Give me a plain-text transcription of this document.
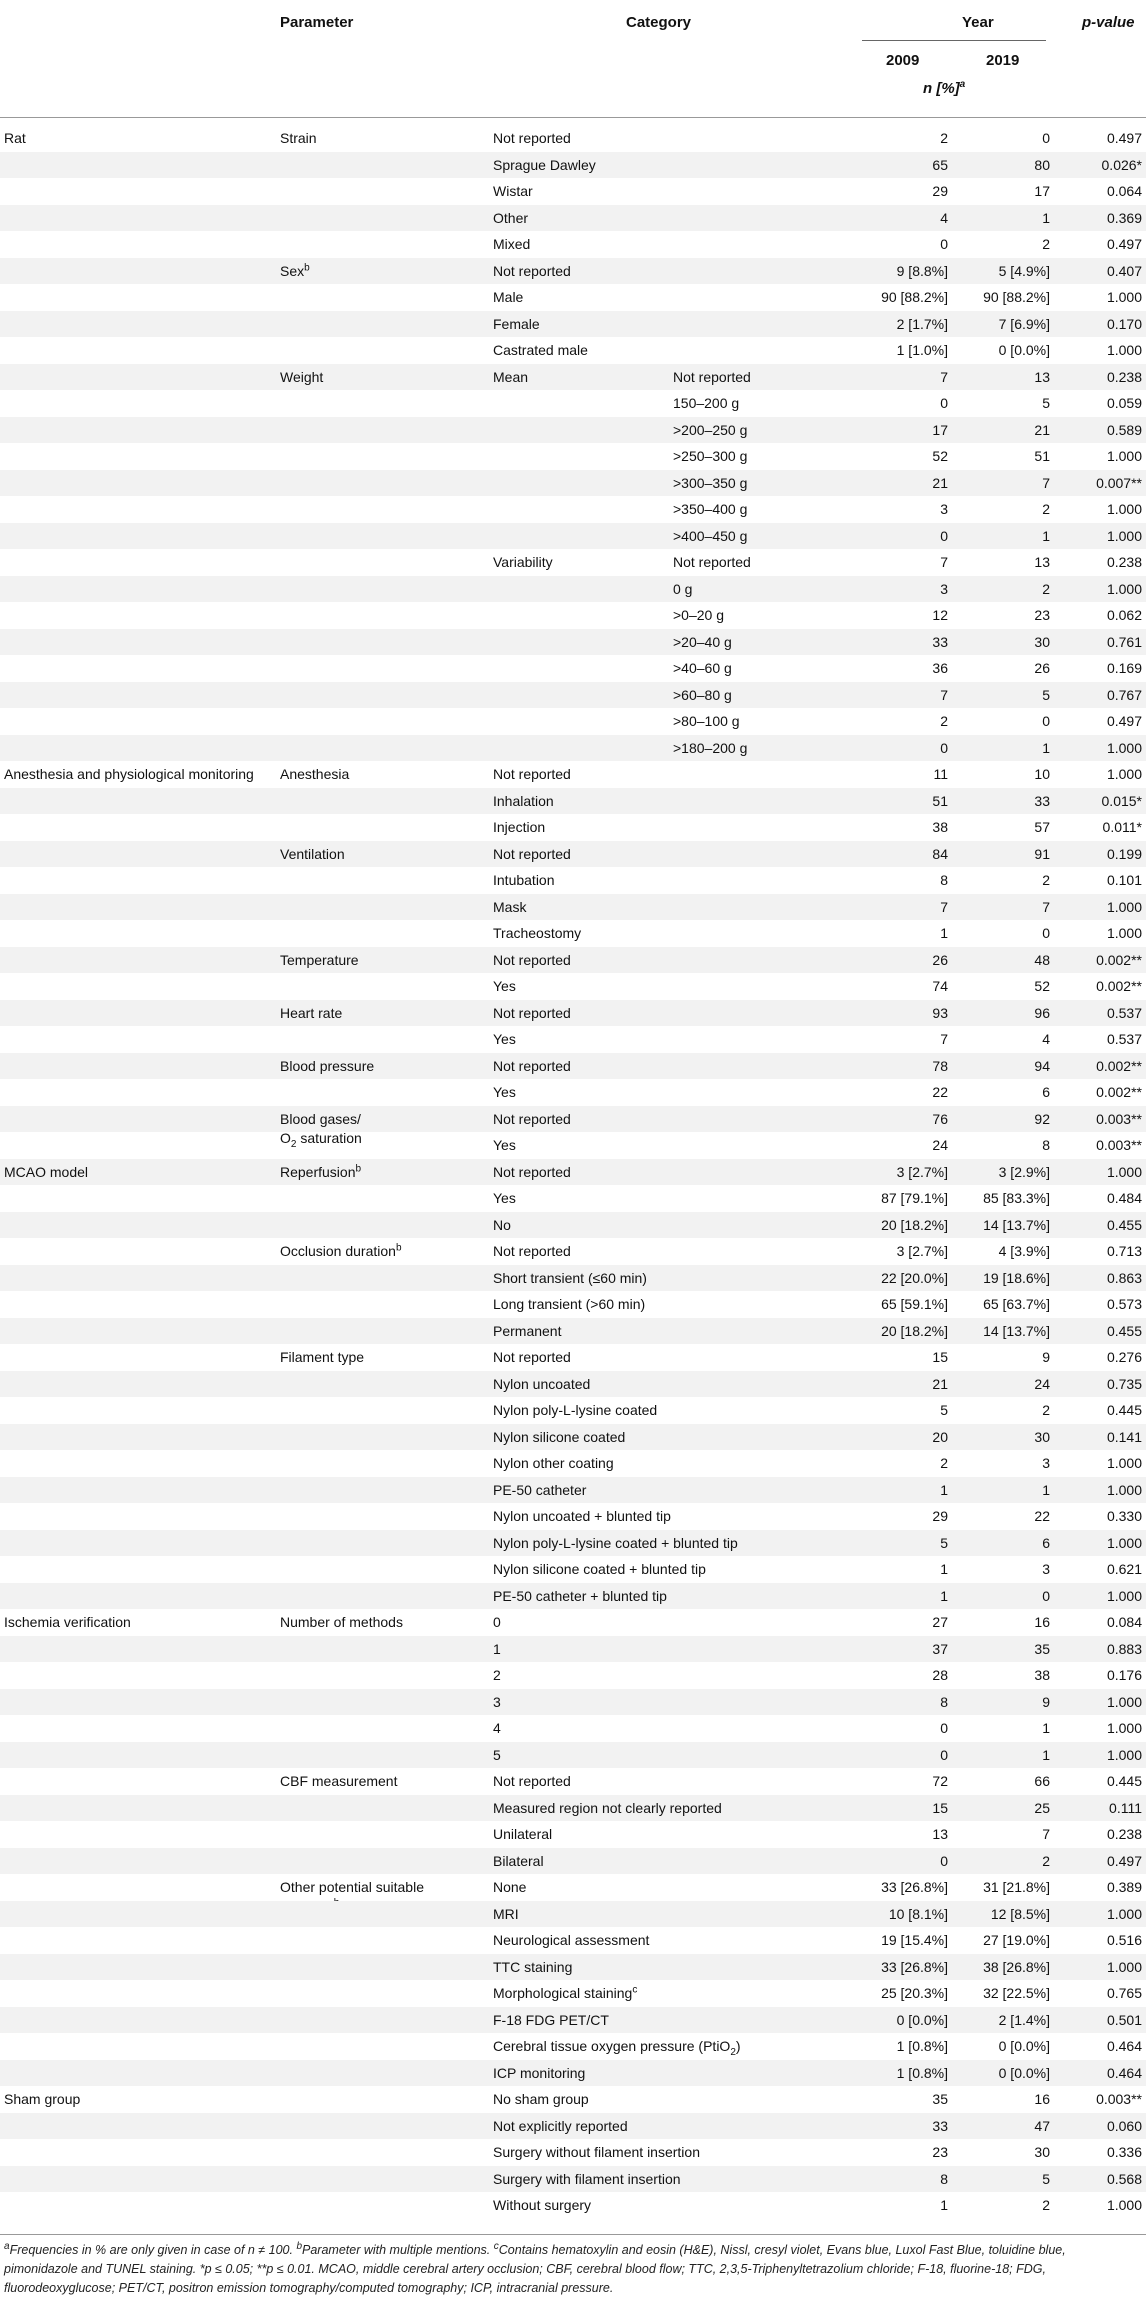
Parameter	Category	Year	p-value
2009	2019
n [%]$^a$
Rat	Strain	Not reported	2	0	0.497
Sprague Dawley	65	80	0.026*
Wistar	29	17	0.064
Other	4	1	0.369
Mixed	0	2	0.497
Sex$^b$	Not reported	9 [8.8%]	5 [4.9%]	0.407
Male	90 [88.2%]	90 [88.2%]	1.000
Female	2 [1.7%]	7 [6.9%]	0.170
Castrated male	1 [1.0%]	0 [0.0%]	1.000
Weight	Mean	Not reported	7	13	0.238
150–200 g	0	5	0.059
>200–250 g	17	21	0.589
>250–300 g	52	51	1.000
>300–350 g	21	7	0.007**
>350–400 g	3	2	1.000
>400–450 g	0	1	1.000
Variability	Not reported	7	13	0.238
0 g	3	2	1.000
>0–20 g	12	23	0.062
>20–40 g	33	30	0.761
>40–60 g	36	26	0.169
>60–80 g	7	5	0.767
>80–100 g	2	0	0.497
>180–200 g	0	1	1.000
Anesthesia and physiological monitoring	Anesthesia	Not reported	11	10	1.000
Inhalation	51	33	0.015*
Injection	38	57	0.011*
Ventilation	Not reported	84	91	0.199
Intubation	8	2	0.101
Mask	7	7	1.000
Tracheostomy	1	0	1.000
Temperature	Not reported	26	48	0.002**
Yes	74	52	0.002**
Heart rate	Not reported	93	96	0.537
Yes	7	4	0.537
Blood pressure	Not reported	78	94	0.002**
Yes	22	6	0.002**
Blood gases/
$O_2$ saturation
Not reported	76	92	0.003**
Yes	24	8	0.003**
MCAO model	Reperfusion$^b$	Not reported	3 [2.7%]	3 [2.9%]	1.000
Yes	87 [79.1%]	85 [83.3%]	0.484
No	20 [18.2%]	14 [13.7%]	0.455
Occlusion duration$^b$	Not reported	3 [2.7%]	4 [3.9%]	0.713
Short transient (≤60 min)	22 [20.0%]	19 [18.6%]	0.863
Long transient (>60 min)	65 [59.1%]	65 [63.7%]	0.573
Permanent	20 [18.2%]	14 [13.7%]	0.455
Filament type	Not reported	15	9	0.276
Nylon uncoated	21	24	0.735
Nylon poly-L-lysine coated	5	2	0.445
Nylon silicone coated	20	30	0.141
Nylon other coating	2	3	1.000
PE-50 catheter	1	1	1.000
Nylon uncoated + blunted tip	29	22	0.330
Nylon poly-L-lysine coated + blunted tip	5	6	1.000
Nylon silicone coated + blunted tip	1	3	0.621
PE-50 catheter + blunted tip	1	0	1.000
Ischemia verification	Number of methods	0	27	16	0.084
1	37	35	0.883
2	28	38	0.176
3	8	9	1.000
4	0	1	1.000
5	0	1	1.000
CBF measurement	Not reported	72	66	0.445
Measured region not clearly reported	15	25	0.111
Unilateral	13	7	0.238
Bilateral	0	2	0.497
Other potential suitable	None	33 [26.8%]	31 [21.8%]	0.389
MRI	10 [8.1%]	12 [8.5%]	1.000
Neurological assessment	19 [15.4%]	27 [19.0%]	0.516
TTC staining	33 [26.8%]	38 [26.8%]	1.000
Morphological staining$^c$	25 [20.3%]	32 [22.5%]	0.765
F-18 FDG PET/CT	0 [0.0%]	2 [1.4%]	0.501
Cerebral tissue oxygen pressure (PtiO$_2$)	1 [0.8%]	0 [0.0%]	0.464
ICP monitoring	1 [0.8%]	0 [0.0%]	0.464
Sham group	No sham group	35	16	0.003**
Not explicitly reported	33	47	0.060
Surgery without filament insertion	23	30	0.336
Surgery with filament insertion	8	5	0.568
Without surgery	1	2	1.000
$^a$Frequencies in % are only given in case of n ≠ 100. $^b$Parameter with multiple mentions. $^c$Contains hematoxylin and eosin (H&E), Nissl, cresyl violet, Evans blue, Luxol Fast Blue, toluidine blue, pimonidazole and TUNEL staining. *p ≤ 0.05; **p ≤ 0.01. MCAO, middle cerebral artery occlusion; CBF, cerebral blood flow; TTC, 2,3,5-Triphenyltetrazolium chloride; F-18, fluorine-18; FDG, fluorodeoxyglucose; PET/CT, positron emission tomography/computed tomography; ICP, intracranial pressure.
